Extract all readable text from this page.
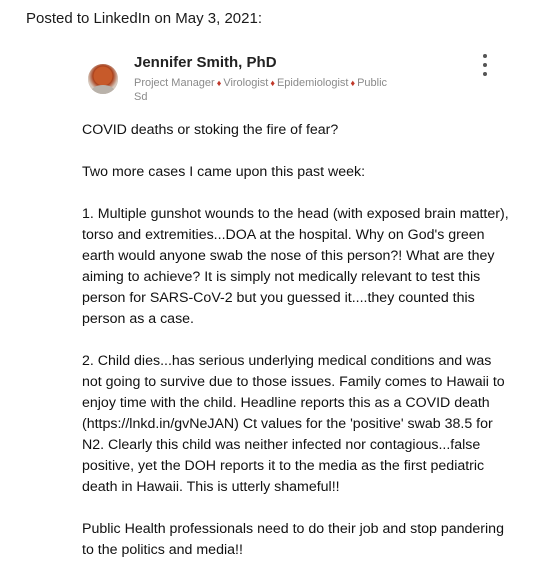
Posted to LinkedIn on May 3, 2021:
Jennifer Smith, PhD
Project Manager ♦ Virologist ♦ Epidemiologist ♦ Public
Sd

COVID deaths or stoking the fire of fear?

Two more cases I came upon this past week:

1. Multiple gunshot wounds to the head (with exposed brain matter), torso and extremities...DOA at the hospital. Why on God's green earth would anyone swab the nose of this person?! What are they aiming to achieve? It is simply not medically relevant to test this person for SARS-CoV-2 but you guessed it....they counted this person as a case.

2. Child dies...has serious underlying medical conditions and was not going to survive due to those issues. Family comes to Hawaii to enjoy time with the child. Headline reports this as a COVID death (https://lnkd.in/gvNeJAN) Ct values for the 'positive' swab 38.5 for N2. Clearly this child was neither infected nor contagious...false positive, yet the DOH reports it to the media as the first pediatric death in Hawaii. This is utterly shameful!!

Public Health professionals need to do their job and stop pandering to the politics and media!!
